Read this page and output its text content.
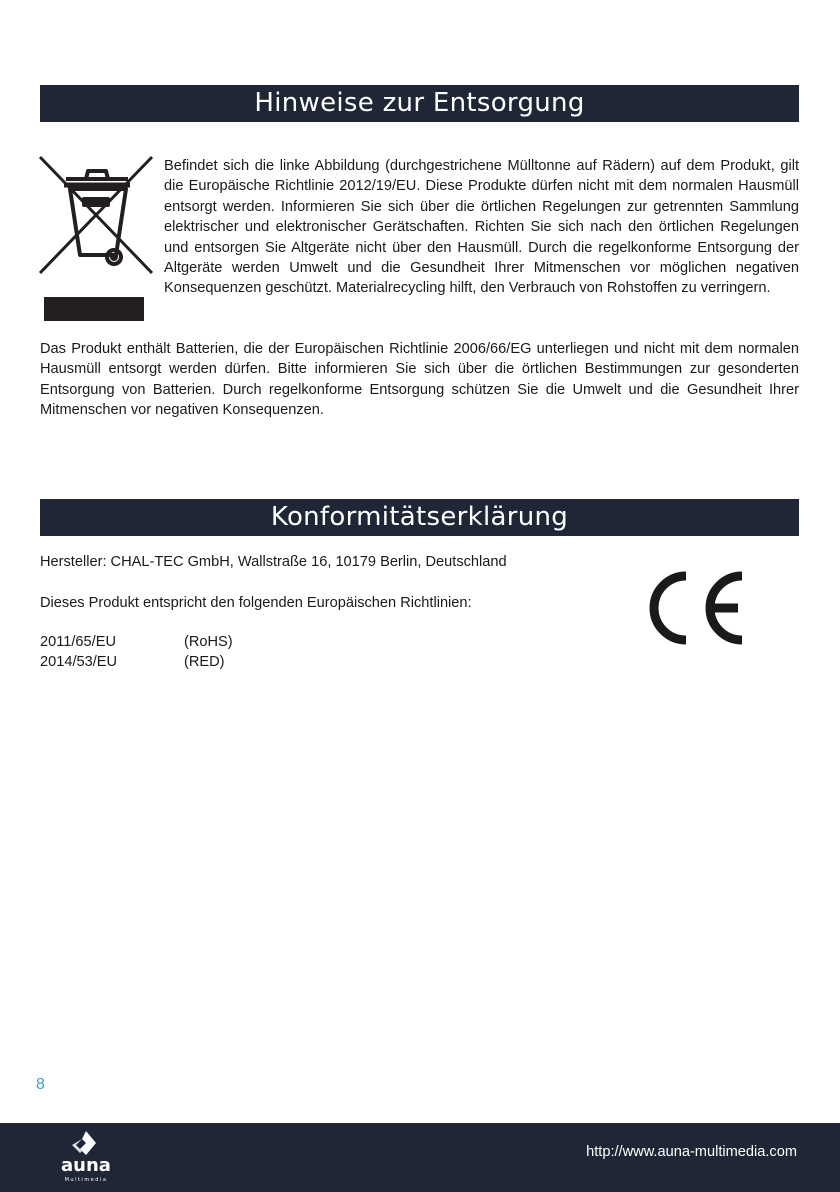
Hinweise zur Entsorgung
Befindet sich die linke Abbildung (durchgestrichene Mülltonne auf Rädern) auf dem Produkt, gilt die Europäische Richtlinie 2012/19/EU. Diese Produkte dürfen nicht mit dem normalen Hausmüll entsorgt werden. Informieren Sie sich über die örtlichen Regelungen zur getrennten Sammlung elektrischer und elektronischer Gerätschaften. Richten Sie sich nach den örtlichen Regelungen und entsorgen Sie Altgeräte nicht über den Hausmüll. Durch die regelkonforme Entsorgung der Altgeräte werden Umwelt und die Gesundheit Ihrer Mitmenschen vor möglichen negativen Konsequenzen geschützt. Materialrecycling hilft, den Verbrauch von Rohstoffen zu verringern.
Das Produkt enthält Batterien, die der Europäischen Richtlinie 2006/66/EG unterliegen und nicht mit dem normalen Hausmüll entsorgt werden dürfen. Bitte informieren Sie sich über die örtlichen Bestimmungen zur gesonderten Entsorgung von Batterien. Durch regelkonforme Entsorgung schützen Sie die Umwelt und die Gesundheit Ihrer Mitmenschen vor negativen Konsequenzen.
Konformitätserklärung
Hersteller: CHAL-TEC GmbH, Wallstraße 16, 10179 Berlin, Deutschland
Dieses Produkt entspricht den folgenden Europäischen Richtlinien:
2011/65/EU	(RoHS)
2014/53/EU	(RED)
8
auna
Multimedia
http://www.auna-multimedia.com
